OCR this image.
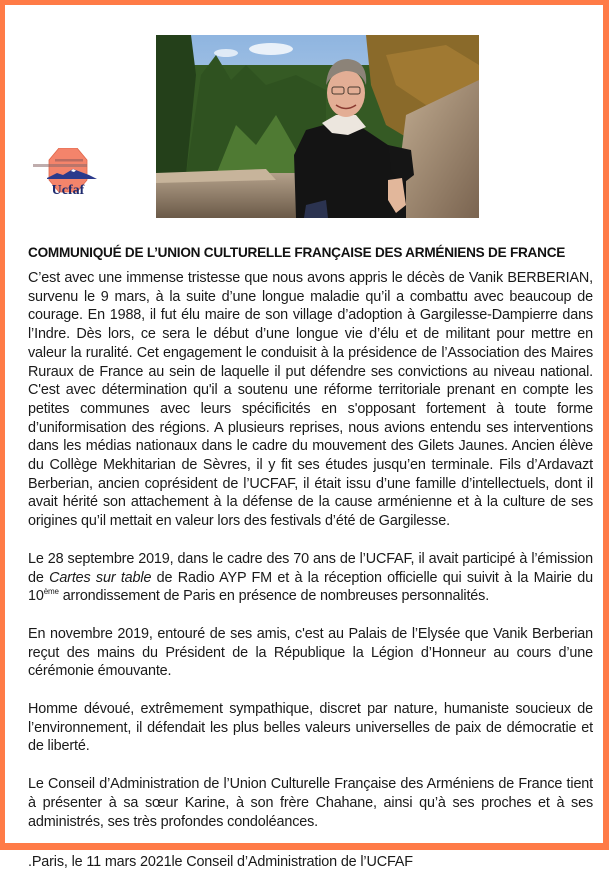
Ucfaf
COMMUNIQUÉ DE L’UNION CULTURELLE FRANÇAISE DES ARMÉNIENS DE FRANCE

C’est avec une immense tristesse que nous avons appris le décès de Vanik BERBERIAN, survenu le 9 mars, à la suite d’une longue maladie qu’il a combattu avec beaucoup de courage. En 1988, il fut élu maire de son village d’adoption à Gargilesse-Dampierre dans l’Indre. Dès lors, ce sera le début d’une longue vie d’élu et de militant pour mettre en valeur la ruralité. Cet engagement le conduisit à la présidence de l’Association des Maires Ruraux de France au sein de laquelle il put défendre ses convictions au niveau national. C'est avec détermination qu'il a soutenu une réforme territoriale prenant en compte les petites communes avec leurs spécificités en s'opposant fortement à toute forme d’uniformisation des régions. A plusieurs reprises, nous avions entendu ses interventions dans les médias nationaux dans le cadre du mouvement des Gilets Jaunes. Ancien élève du Collège Mekhitarian de Sèvres, il y fit ses études jusqu’en terminale. Fils d’Ardavazt Berberian, ancien coprésident de l’UCFAF, il était issu d’une famille d’intellectuels, dont il avait hérité son attachement à la défense de la cause arménienne et à la culture de ses origines qu’il mettait en valeur lors des festivals d’été de Gargilesse.

Le 28 septembre 2019, dans le cadre des 70 ans de l’UCFAF, il avait participé à l’émission de Cartes sur table de Radio AYP FM et à la réception officielle qui suivit à la Mairie du 10ème arrondissement de Paris en présence de nombreuses personnalités.

En novembre 2019, entouré de ses amis, c'est au Palais de l’Elysée que Vanik Berberian reçut des mains du Président de la République la Légion d’Honneur au cours d’une cérémonie émouvante.

Homme dévoué, extrêmement sympathique, discret par nature, humaniste soucieux de l’environnement, il défendait les plus belles valeurs universelles de paix de démocratie et de liberté.

Le Conseil d’Administration de l’Union Culturelle Française des Arméniens de France tient à présenter à sa sœur Karine, à son frère Chahane, ainsi qu’à ses proches et à ses administrés, ses très profondes condoléances.

.Paris, le 11 mars 2021le Conseil d’Administration de l’UCFAF
